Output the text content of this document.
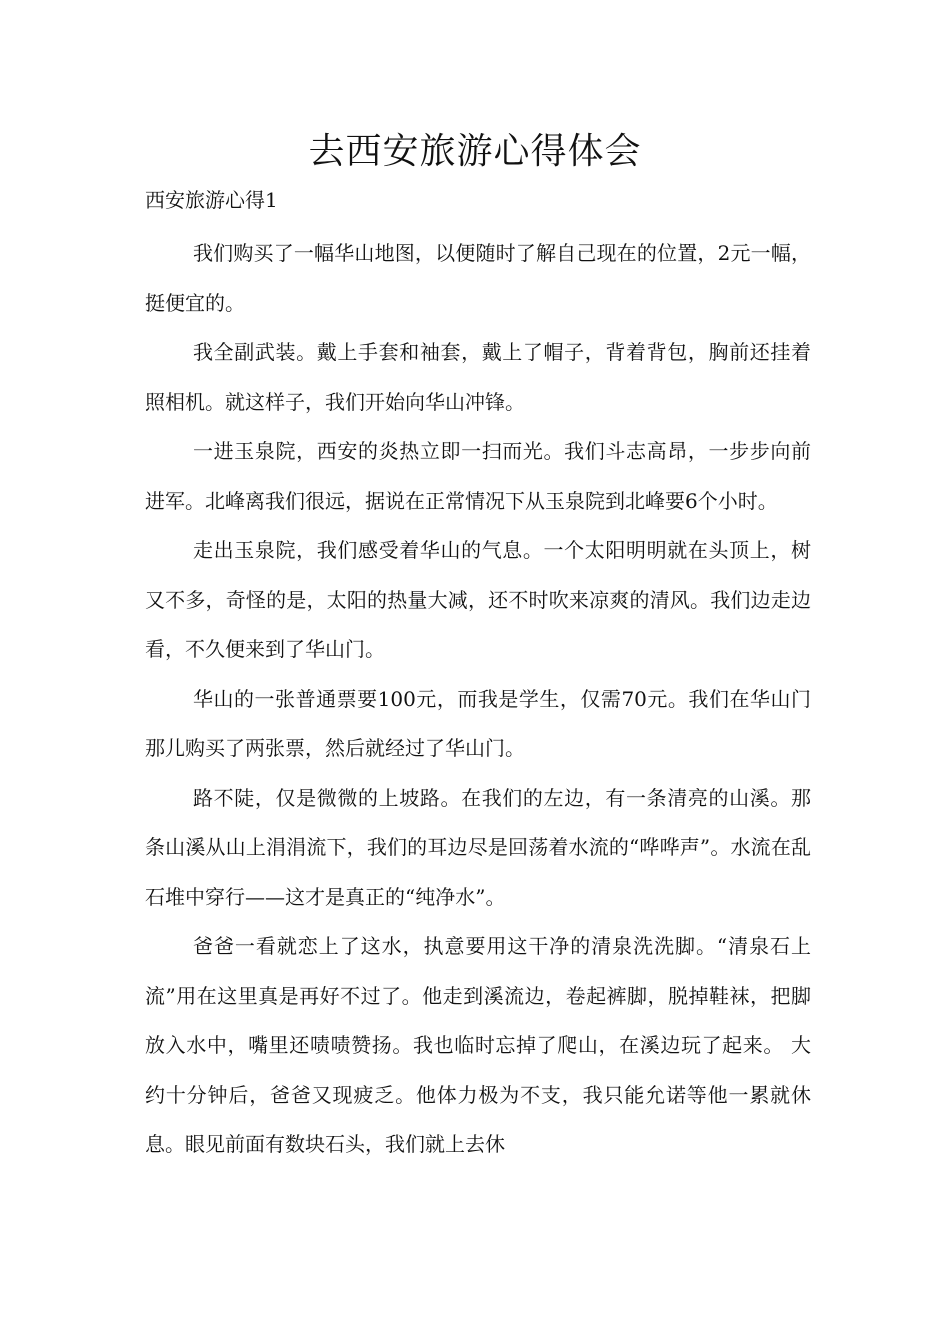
去西安旅游心得体会
西安旅游心得1

我们购买了一幅华山地图，以便随时了解自己现在的位置，2元一幅，挺便宜的。

我全副武装。戴上手套和袖套，戴上了帽子，背着背包，胸前还挂着照相机。就这样子，我们开始向华山冲锋。

一进玉泉院，西安的炎热立即一扫而光。我们斗志高昂，一步步向前进军。北峰离我们很远，据说在正常情况下从玉泉院到北峰要6个小时。

走出玉泉院，我们感受着华山的气息。一个太阳明明就在头顶上，树又不多，奇怪的是，太阳的热量大减，还不时吹来凉爽的清风。我们边走边看，不久便来到了华山门。

华山的一张普通票要100元，而我是学生，仅需70元。我们在华山门那儿购买了两张票，然后就经过了华山门。

路不陡，仅是微微的上坡路。在我们的左边，有一条清亮的山溪。那条山溪从山上涓涓流下，我们的耳边尽是回荡着水流的“哗哗声”。水流在乱石堆中穿行——这才是真正的“纯净水”。

爸爸一看就恋上了这水，执意要用这干净的清泉洗洗脚。“清泉石上流”用在这里真是再好不过了。他走到溪流边，卷起裤脚，脱掉鞋袜，把脚放入水中，嘴里还啧啧赞扬。我也临时忘掉了爬山，在溪边玩了起来。 大约十分钟后，爸爸又现疲乏。他体力极为不支，我只能允诺等他一累就休息。眼见前面有数块石头，我们就上去休
